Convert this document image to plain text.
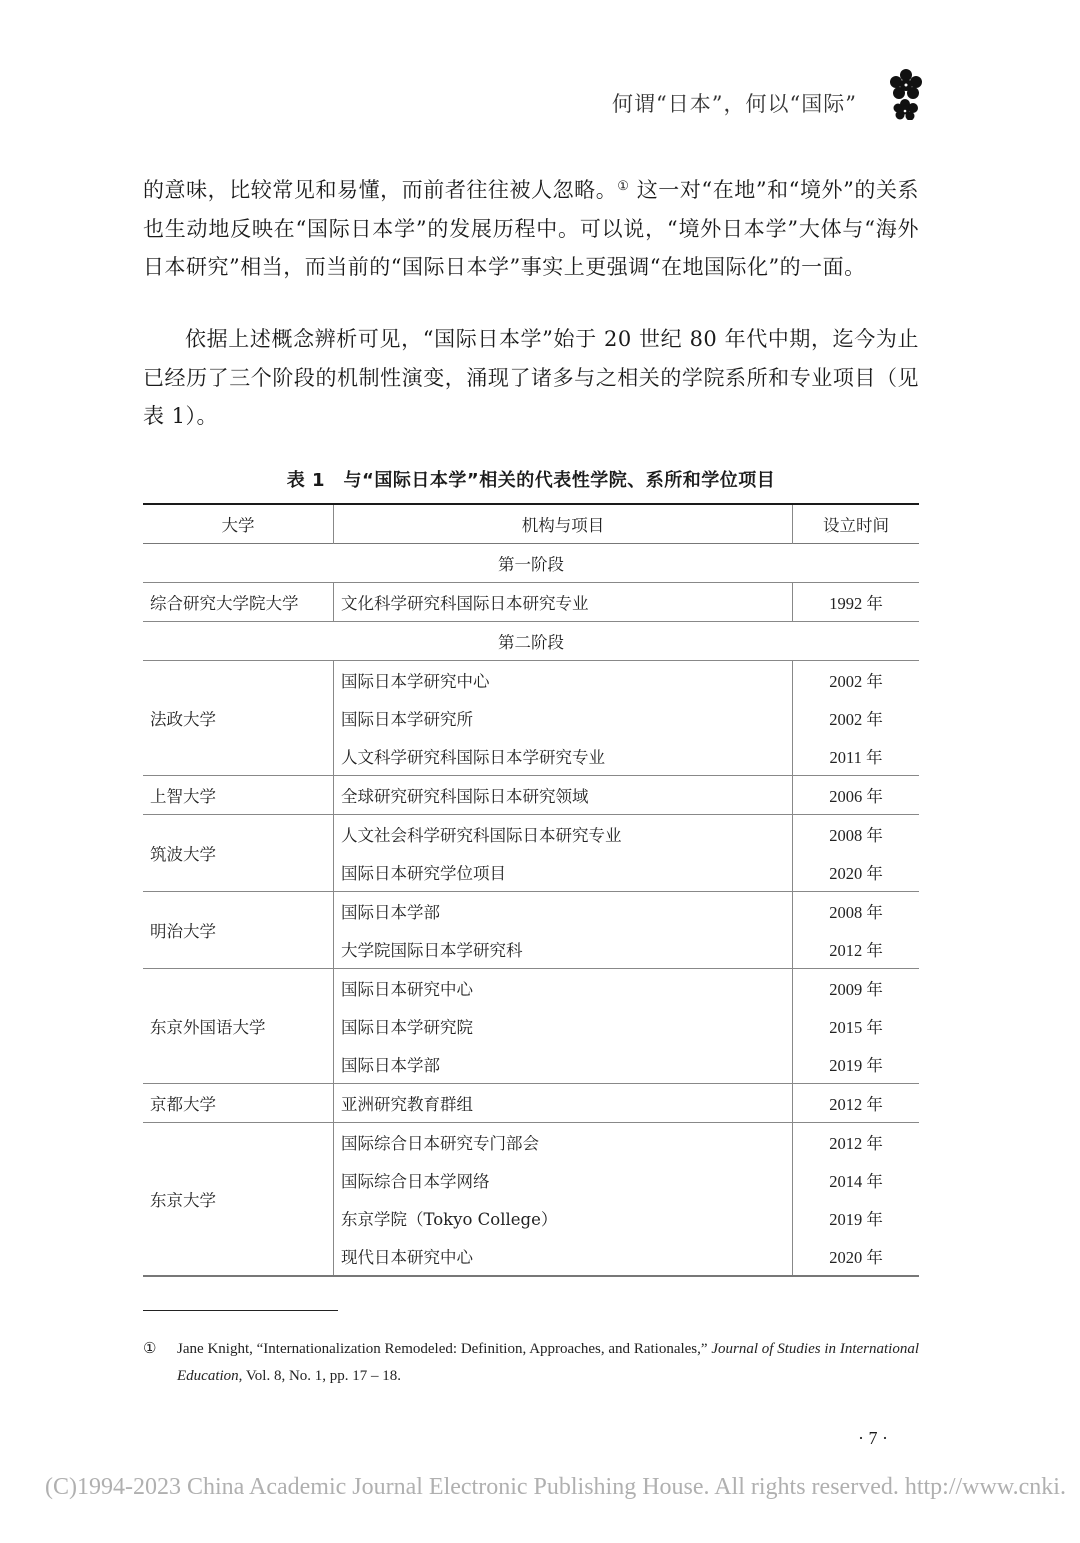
何谓“日本”，何以“国际”
的意味，比较常见和易懂，而前者往往被人忽略。① 这一对“在地”和“境外”的关系也生动地反映在“国际日本学”的发展历程中。可以说，“境外日本学”大体与“海外日本研究”相当，而当前的“国际日本学”事实上更强调“在地国际化”的一面。
依据上述概念辨析可见，“国际日本学”始于 20 世纪 80 年代中期，迄今为止已经历了三个阶段的机制性演变，涌现了诸多与之相关的学院系所和专业项目（见表 1）。
表 1　与“国际日本学”相关的代表性学院、系所和学位项目
大学	机构与项目	设立时间
第一阶段		
综合研究大学院大学	文化科学研究科国际日本研究专业	1992 年
第二阶段		
法政大学	国际日本学研究中心	2002 年
	国际日本学研究所	2002 年
	人文科学研究科国际日本学研究专业	2011 年
上智大学	全球研究研究科国际日本研究领域	2006 年
筑波大学	人文社会科学研究科国际日本研究专业	2008 年
	国际日本研究学位项目	2020 年
明治大学	国际日本学部	2008 年
	大学院国际日本学研究科	2012 年
东京外国语大学	国际日本研究中心	2009 年
	国际日本学研究院	2015 年
	国际日本学部	2019 年
京都大学	亚洲研究教育群组	2012 年
东京大学	国际综合日本研究专门部会	2012 年
	国际综合日本学网络	2014 年
	东京学院（Tokyo College）	2019 年
	现代日本研究中心	2020 年
① Jane Knight, “Internationalization Remodeled: Definition, Approaches, and Rationales,” Journal of Studies in International Education, Vol. 8, No. 1, pp. 17 – 18.
· 7 ·
(C)1994-2023 China Academic Journal Electronic Publishing House. All rights reserved. http://www.cnki.
